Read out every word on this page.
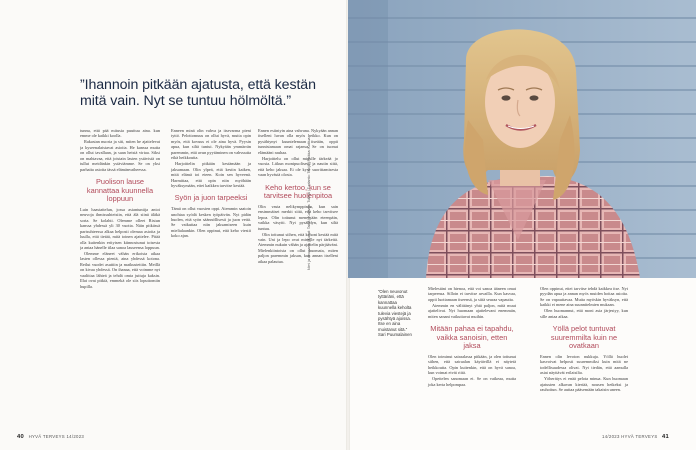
”Ihannoin pitkään ajatusta, että kestän mitä vain. Nyt se tuntuu hölmöltä.”

tunnu, että pää mitusia puuttuu aina. kun emme ole kaikki koolla.

Rakastan nuoria ja siti, miten he ajattelevat ja kyseenalaistavat asioita. He kanssa mutta on ollut tavallaan, ja saan heistä virtaa. Siksi on mahtavaa, että joistain lasten ystävistä on tullut meidänkin ystäviämme. Se on yksi parhaita asioita tässä elämänvaiheessa.

Puolison lause kannattaa kuunnella loppuun

Luin haastattelun, jossa asiantuntija antoi neuvoja ihmissuhteisiin, että älä siinä äläkä sorta. Se kolahti. Olemme olleet Ristun kanssa yhdessä yli 30 vuotta. Näin pitkässä parisuhteessa alkaa helposti olemaa asioita ja luulla, että tietää, mitä toinen ajattelee. Pitää olla kuitenkin erityisen kiinnostunut toisesta ja antaa hänelle tilaa sanoa lauseensa loppuun.

Olemme eläneet vähän erikoista aikaa lasten ollessa pieniä, aina yhdessä kotona. Reilut vuodet asuttiin ja matkustettiin. Meillä on kivaa yhdessä. On ihanaa, että voimme nyt vaalittaa lähteä ja tehdä omia juttuja kaksin. Illat ovat pitkiä, emmekä ole siis loputtomiin hupilla.

Enneen minä olin vahva ja itsevarma pieni tyttö. Pelottomuus on ollut hyvä, mutta opin myös, että kovuus ei ole aina hyvä. Pyysin apua, kun siltä tuntui. Nykyään ymmärrän paremmin, että avun pyytäminen on vahvuutta eikä heikkoutta.

Harjoittelin pitkään kestämään ja jaksamaan. Olin ylpeä, että kestin kaiken, mitä elämä toi eteen. Koin sen hyveenä. Harmittaa, että opin niin myöhään hyväksymään, ettei kaikkea tarvitse kestää.

Syön ja juon tarpeeksi

Tämä on ollut vuosien oppi. Aiemmin saatoin unohtaa syödä kesken työpäivän. Nyt pidän huolen, että syön säännöllisesti ja juon vettä. Se vaikuttaa niin jaksamiseen kuin mielialaankin. Olen oppinut, että keho viestii koko ajan.

Ennen esiintyin aina vahvana. Nykyään annan itselleni luvan olla myös heikko. Kun on pysähtynyt kuuntelemaan itseään, oppii tunnistamaan omat rajansa. Se on tuonut elämääni rauhaa.

Harjoittelu on ollut minulle tärkeää jo vuosia. Liikun monipuolisesti ja nautin siitä, että keho jaksaa. Ei ole kyse suorittamisesta vaan hyvästä olosta.

Keho kertoo, kun se tarvitsee huolenpitoa

Olin vasta nelikymppinen, kun sain ensimmäiset merkit siitä, että keho tarvitsee lepoa. Olin tottunut menemään eteenpäin, vaikka väsytti. Nyt pysähdyn, kun siltä tuntuu.

Olin tottunut siihen, että kehoni kestää mitä vain. Uni ja lepo ovat minulle nyt tärkeitä. Aiemmin nukuin vähän ja ajattelin pärjääväni. Mielenkiintoista on ollut huomata, miten paljon paremmin jaksan, kun annan itselleni aikaa palautua.	Nimi ja arvosana | Kuvat: Taina | Kuvaaja: Tutkija | Tuotanto: Tekijä | Paikka: Kotilua
”Olen neuvonut tyttäriäni, että kannattaa kuunnella keholta tulevia viestejä ja pysähtyä ajoissa. Itse en aina muistanut sitä.” Sari Puumalainen

Mielestäni on hienoa, että voi sanoa ääneen omat tarpeensa. Silloin ei tarvitse arvailla. Kun kasvaa, oppii luottamaan itseensä, ja siitä seuraa vapautta.

Aiemmin en välittänyt yhtä paljon, mitä muut ajattelivat. Nyt huomaan ajattelevani enemmän, miten sanani vaikuttavat muihin.

Mitään pahaa ei tapahdu, vaikka sanoisin, etten jaksa

Olen toiminut sairaalassa pitkään, ja olen tottunut siihen, että sairaalan käytävillä ei näytetä heikkoutta. Opin kuitenkin, että on hyvä sanoa, kun voimat eivät riitä.

Opettelen sanomaan ei. Se on vaikeaa, mutta joka kerta helpompaa.

Olen oppinut, ettei tarvitse tehdä kaikkea itse. Nyt pyydän apua ja annan myös muiden hoitaa asioita. Se on vapauttavaa. Mutta myöskin hyväksyn, että kaikki ei mene aina suunnitelmien mukaan.

Olen huomannut, että moni asia järjestyy, kun sille antaa aikaa.

Yöllä pelot tuntuvat suuremmilta kuin ne ovatkaan

Ennen olin levoton nukkuja. Yöllä huolet kasvoivat helposti suuremmiksi kuin mitä ne todellisuudessa olivat. Nyt tiedän, että aamulla asiat näyttävät erilaisilta.

Yöherätys ei enää pelota minua. Kun huomaan ajatusten alkavan kiertää, nousen hetkeksi ja rauhoitun. Se auttaa pääsemään takaisin uneen.

40 HYVÄ TERVEYS 14/2023	14/2023 HYVÄ TERVEYS 41
